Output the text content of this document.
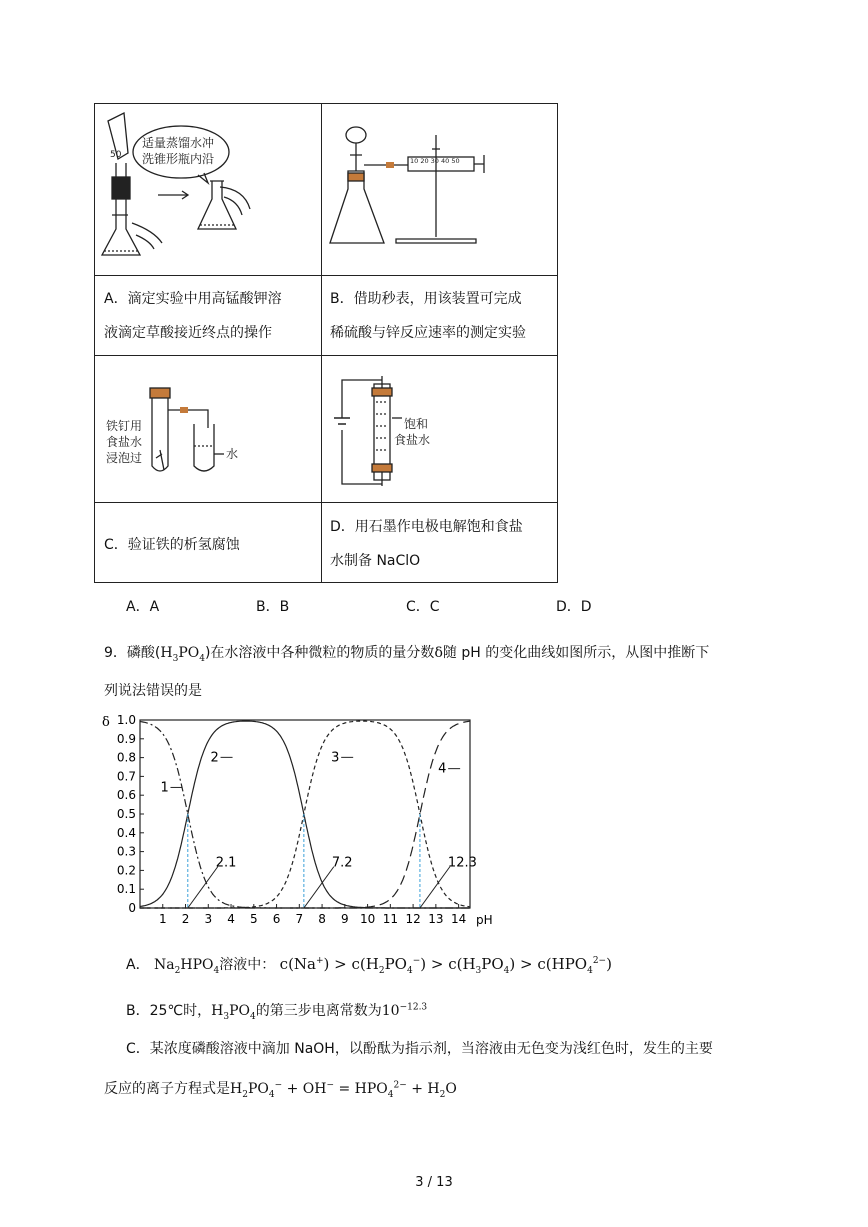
50
适量蒸馏水冲
洗锥形瓶内沿
A．滴定实验中用高锰酸钾溶
液滴定草酸接近终点的操作
10 20 30 40 50
B．借助秒表，用该装置可完成
稀硫酸与锌反应速率的测定实验
铁钉用
食盐水
浸泡过	水
C．验证铁的析氢腐蚀
饱和
食盐水
D．用石墨作电极电解饱和食盐
水制备 NaClO
A．A	B．B	C．C	D．D
9．磷酸$(H_3PO_4)$在水溶液中各种微粒的物质的量分数δ随 pH 的变化曲线如图所示，从图中推断下
列说法错误的是
δ
pH
0
0.1
0.2
0.3
0.4
0.5
0.6
0.7
0.8
0.9
1.0
1 2 3 4 5 6 7 8 9 10 11 12 13 14
1
2	3
4
2.1	7.2	12.3
A． $Na_2HPO_4$溶液中： $c(Na^+) > c(H_2PO_4^-) > c(H_3PO_4) > c(HPO_4^{2-})$
B．25℃时，$H_3PO_4$的第三步电离常数为$10^{-12.3}$
C．某浓度磷酸溶液中滴加 NaOH，以酚酞为指示剂，当溶液由无色变为浅红色时，发生的主要
反应的离子方程式是$H_2PO_4^- + OH^- = HPO_4^{2-} + H_2O$
3 / 13
